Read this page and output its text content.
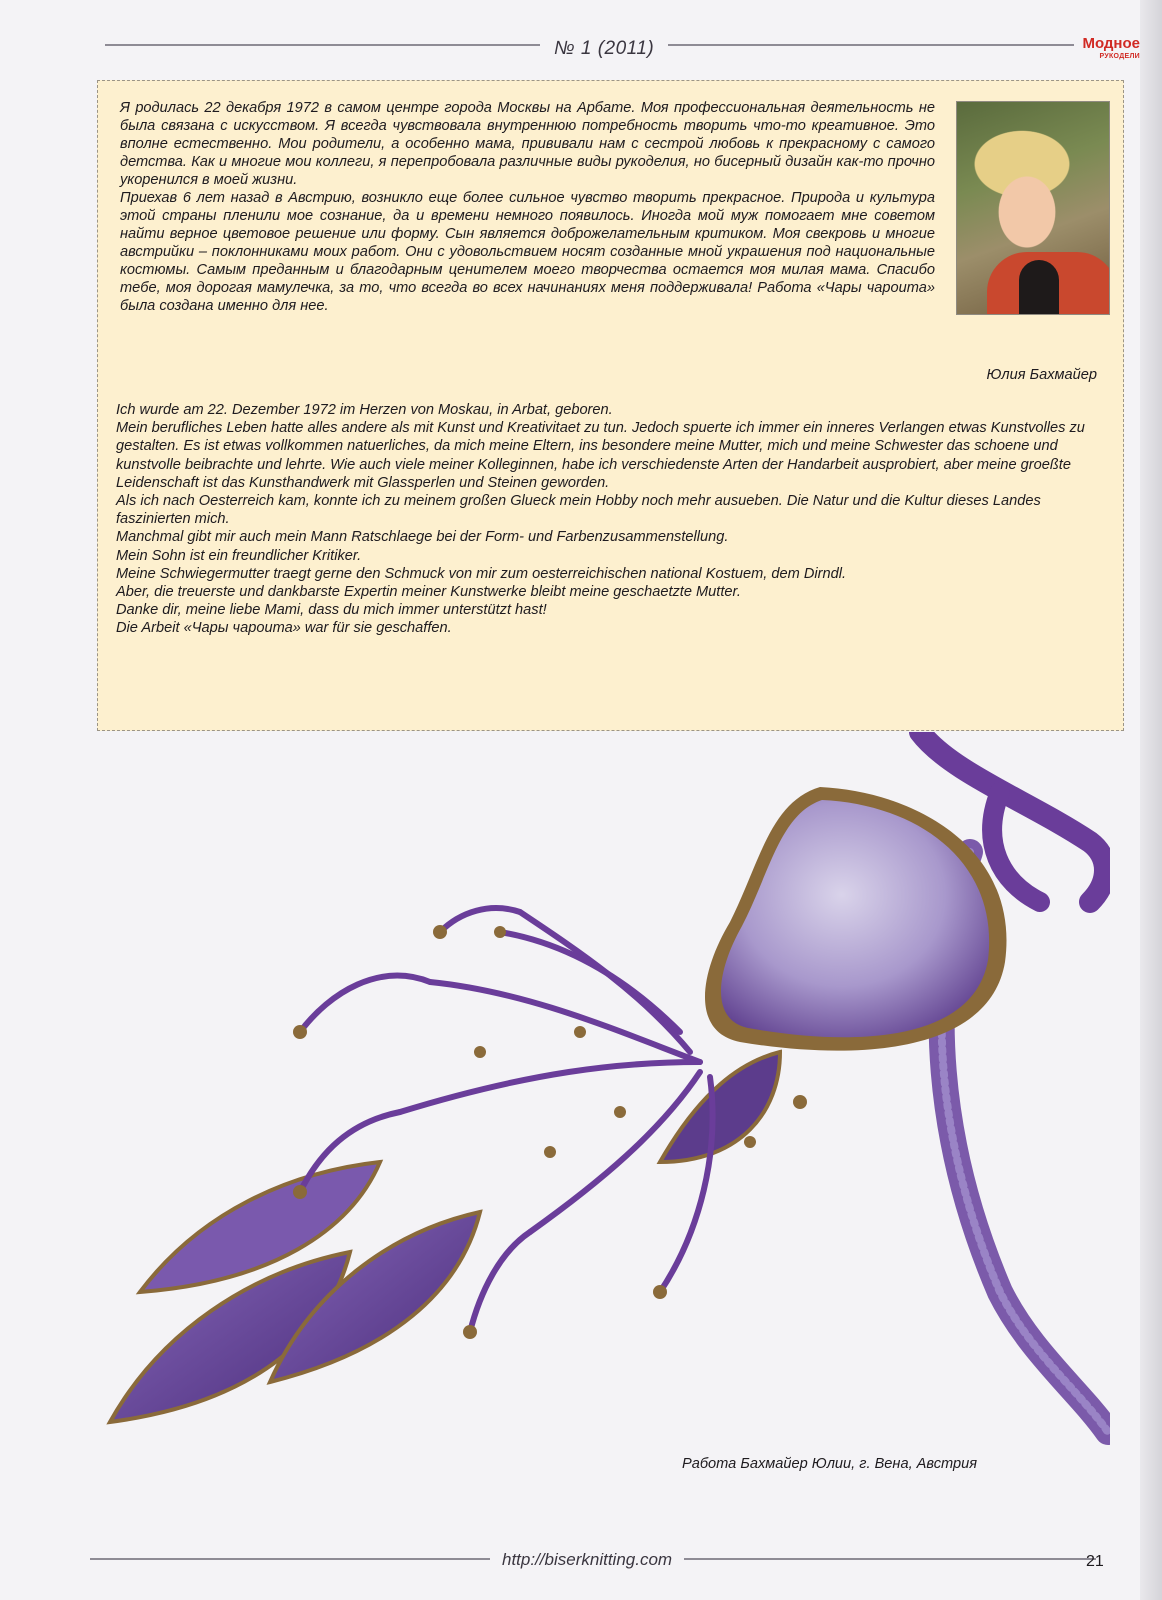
№ 1 (2011)	Модное
РУКОДЕЛИ

Я родилась 22 декабря 1972 в самом центре города Москвы на Арбате. Моя профессиональная деятельность не была связана с искусством. Я всегда чувствовала внутреннюю потребность творить что-то креативное. Это вполне естественно. Мои родители, а особенно мама, прививали нам с сестрой любовь к прекрасному с самого детства. Как и многие мои коллеги, я перепробовала различные виды рукоделия, но бисерный дизайн как-то прочно укоренился в моей жизни.

Приехав 6 лет назад в Австрию, возникло еще более сильное чувство творить прекрасное. Природа и культура этой страны пленили мое сознание, да и времени немного появилось. Иногда мой муж помогает мне советом найти верное цветовое решение или форму. Сын является доброжелательным критиком. Моя свекровь и многие австрийки – поклонниками моих работ. Они с удовольствием носят созданные мной украшения под национальные костюмы. Самым преданным и благодарным ценителем моего творчества остается моя милая мама. Спасибо тебе, моя дорогая мамулечка, за то, что всегда во всех начинаниях меня поддерживала! Работа «Чары чароита» была создана именно для нее.

Юлия Бахмайер

Ich wurde am 22. Dezember 1972 im Herzen von Moskau, in Arbat, geboren.

Mein berufliches Leben hatte alles andere als mit Kunst und Kreativitaet zu tun. Jedoch spuerte ich immer ein inneres Verlangen etwas Kunstvolles zu gestalten. Es ist etwas vollkommen natuerliches, da mich meine Eltern, ins besondere meine Mutter, mich und meine Schwester das schoene und kunstvolle beibrachte und lehrte. Wie auch viele meiner Kolleginnen, habe ich verschiedenste Arten der Handarbeit ausprobiert, aber meine groeßte Leidenschaft ist das Kunsthandwerk mit Glassperlen und Steinen geworden.

Als ich nach Oesterreich kam, konnte ich zu meinem großen Glueck mein Hobby noch mehr ausueben. Die Natur und die Kultur dieses Landes faszinierten mich.

Manchmal gibt mir auch mein Mann Ratschlaege bei der Form- und Farbenzusammenstellung.

Mein Sohn ist ein freundlicher Kritiker.

Meine Schwiegermutter traegt gerne den Schmuck von mir zum oesterreichischen national Kostuem, dem Dirndl.

Aber, die treuerste und dankbarste Expertin meiner Kunstwerke bleibt meine geschaetzte Mutter.

Danke dir, meine liebe Mami, dass du mich immer unterstützt hast!

Die Arbeit «Чары чароита» war für sie geschaffen.

Работа Бахмайер Юлии, г. Вена, Австрия
http://biserknitting.com	21
